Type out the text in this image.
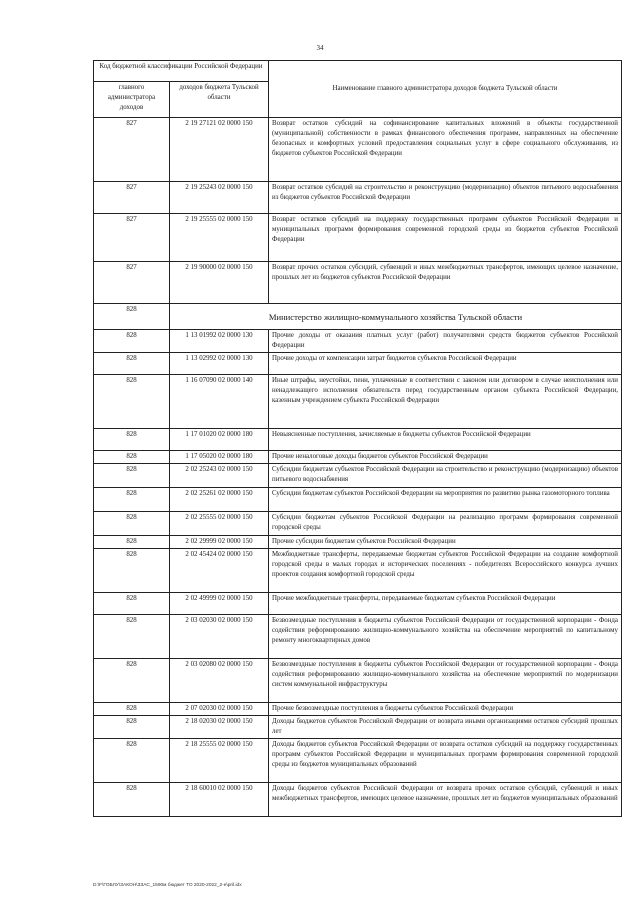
34
Код бюджетной классификации Российской Федерации		Наименование главного администратора доходов бюджета Тульской области
главного администратора доходов	доходов бюджета Тульской области	
827	2 19 27121 02 0000 150	Возврат остатков субсидий на софинансирование капитальных вложений в объекты государственной (муниципальной) собственности в рамках финансового обеспечения программ, направленных на обеспечение безопасных и комфортных условий предоставления социальных услуг в сфере социального обслуживания, из бюджетов субъектов Российской Федерации
827	2 19 25243 02 0000 150	Возврат остатков субсидий на строительство и реконструкцию (модернизацию) объектов питьевого водоснабжения из бюджетов субъектов Российской Федерации
827	2 19 25555 02 0000 150	Возврат остатков субсидий на поддержку государственных программ субъектов Российской Федерации и муниципальных программ формирования современной городской среды из бюджетов субъектов Российской Федерации
827	2 19 90000 02 0000 150	Возврат прочих остатков субсидий, субвенций и иных межбюджетных трансфертов, имеющих целевое назначение, прошлых лет из бюджетов субъектов Российской Федерации
828	Министерство жилищно-коммунального хозяйства Тульской области	
828	1 13 01992 02 0000 130	Прочие доходы от оказания платных услуг (работ) получателями средств бюджетов субъектов Российской Федерации
828	1 13 02992 02 0000 130	Прочие доходы от компенсации затрат бюджетов субъектов Российской Федерации
828	1 16 07090 02 0000 140	Иные штрафы, неустойки, пени, уплаченные в соответствии с законом или договором в случае неисполнения или ненадлежащего исполнения обязательств перед государственным органом субъекта Российской Федерации, казенным учреждением субъекта Российской Федерации
828	1 17 01020 02 0000 180	Невыясненные поступления, зачисляемые в бюджеты субъектов Российской Федерации
828	1 17 05020 02 0000 180	Прочие неналоговые доходы бюджетов субъектов Российской Федерации
828	2 02 25243 02 0000 150	Субсидии бюджетам субъектов Российской Федерации на строительство и реконструкцию (модернизацию) объектов питьевого водоснабжения
828	2 02 25261 02 0000 150	Субсидии бюджетам субъектов Российской Федерации на мероприятия по развитию рынка газомоторного топлива
828	2 02 25555 02 0000 150	Субсидии бюджетам субъектов Российской Федерации на реализацию программ формирования современной городской среды
828	2 02 29999 02 0000 150	Прочие субсидии бюджетам субъектов Российской Федерации
828	2 02 45424 02 0000 150	Межбюджетные трансферты, передаваемые бюджетам субъектов Российской Федерации на создание комфортной городской среды в малых городах и исторических поселениях - победителях Всероссийского конкурса лучших проектов создания комфортной городской среды
828	2 02 49999 02 0000 150	Прочие межбюджетные трансферты, передаваемые бюджетам субъектов Российской Федерации
828	2 03 02030 02 0000 150	Безвозмездные поступления в бюджеты субъектов Российской Федерации от государственной корпорации - Фонда содействия реформированию жилищно-коммунального хозяйства на обеспечение мероприятий по капитальному ремонту многоквартирных домов
828	2 03 02080 02 0000 150	Безвозмездные поступления в бюджеты субъектов Российской Федерации от государственной корпорации - Фонда содействия реформированию жилищно-коммунального хозяйства на обеспечение мероприятий по модернизации систем коммунальной инфраструктуры
828	2 07 02030 02 0000 150	Прочие безвозмездные поступления в бюджеты субъектов Российской Федерации
828	2 18 02030 02 0000 150	Доходы бюджетов субъектов Российской Федерации от возврата иными организациями остатков субсидий прошлых лет
828	2 18 25555 02 0000 150	Доходы бюджетов субъектов Российской Федерации от возврата остатков субсидий на поддержку государственных программ субъектов Российской Федерации и муниципальных программ формирования современной городской среды из бюджетов муниципальных образований
828	2 18 60010 02 0000 150	Доходы бюджетов субъектов Российской Федерации от возврата прочих остатков субсидий, субвенций и иных межбюджетных трансфертов, имеющих целевое назначение, прошлых лет из бюджетов муниципальных образований
D:\F\ГОБЛУ\ЗАКОН\ЗЗАС_1590м бюджет ТО 2020-2022_2-е\pril.idx
